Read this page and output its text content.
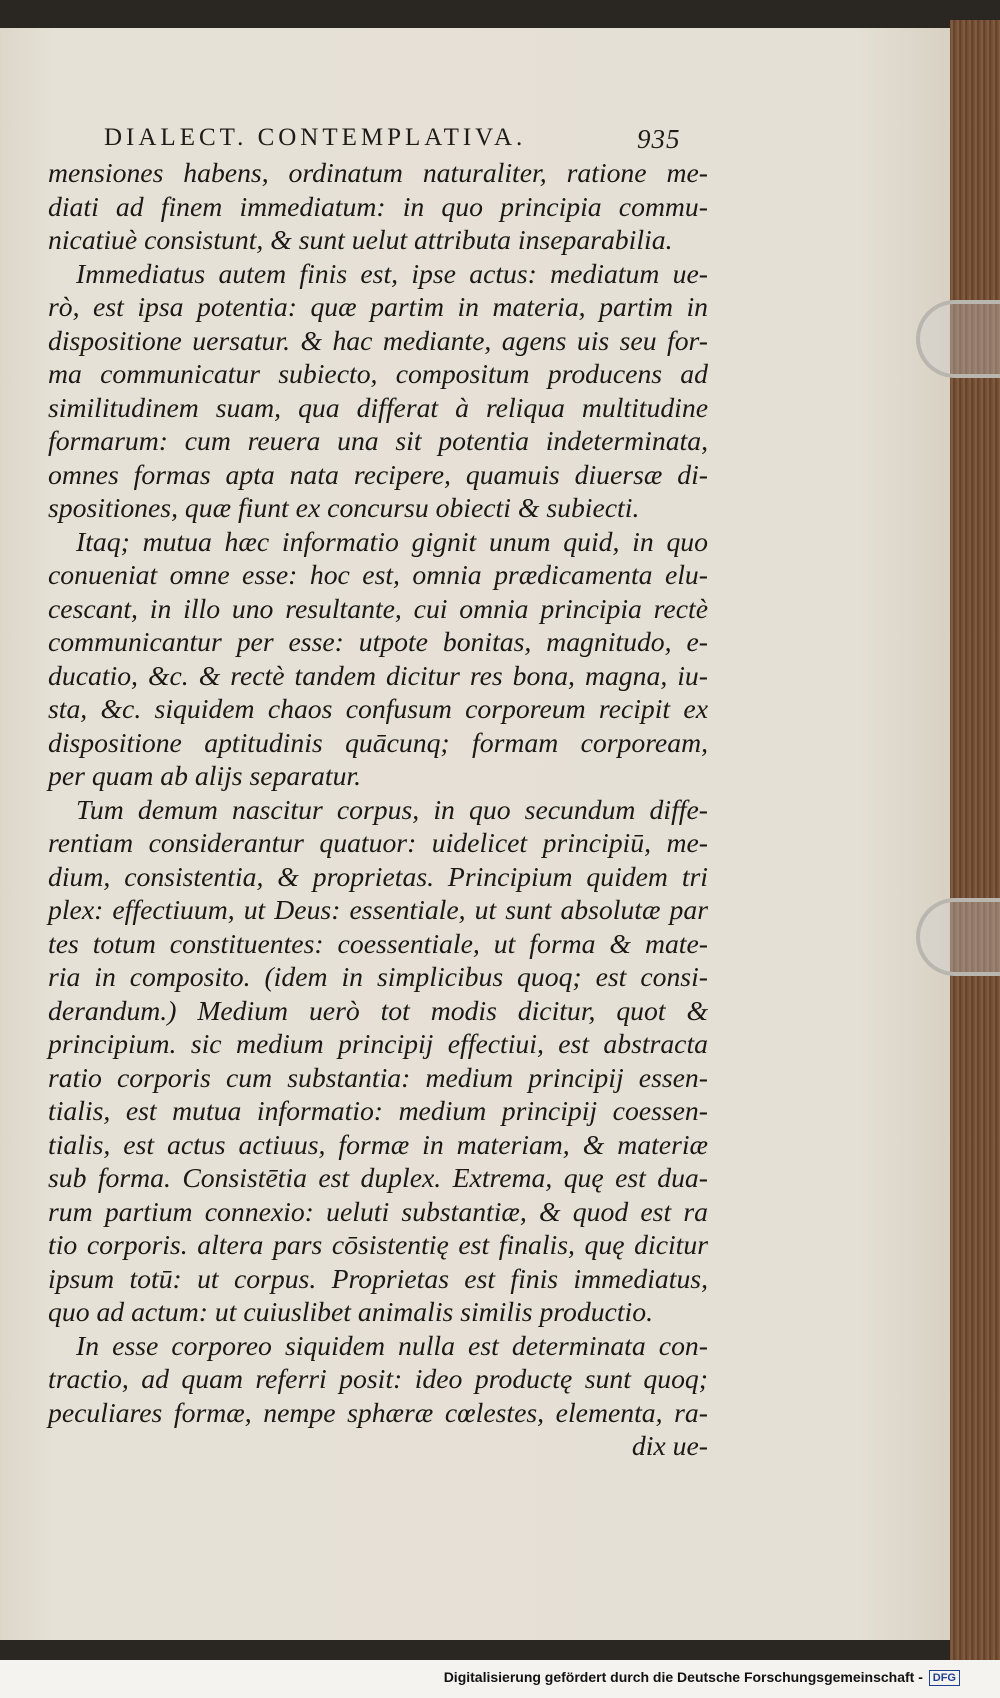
DIALECT. CONTEMPLATIVA.	935
mensiones habens, ordinatum naturaliter, ratione me-
diati ad finem immediatum: in quo principia commu-
nicatiuè consistunt, & sunt uelut attributa inseparabilia.
Immediatus autem finis est, ipse actus: mediatum ue-
rò, est ipsa potentia: quæ partim in materia, partim in
dispositione uersatur. & hac mediante, agens uis seu for-
ma communicatur subiecto, compositum producens ad
similitudinem suam, qua differat à reliqua multitudine
formarum: cum reuera una sit potentia indeterminata,
omnes formas apta nata recipere, quamuis diuersæ di-
spositiones, quæ fiunt ex concursu obiecti & subiecti.
Itaq; mutua hæc informatio gignit unum quid, in quo
conueniat omne esse: hoc est, omnia prædicamenta elu-
cescant, in illo uno resultante, cui omnia principia rectè
communicantur per esse: utpote bonitas, magnitudo, e-
ducatio, &c. & rectè tandem dicitur res bona, magna, iu-
sta, &c. siquidem chaos confusum corporeum recipit ex
dispositione aptitudinis quācunq; formam corpoream,
per quam ab alijs separatur.
Tum demum nascitur corpus, in quo secundum diffe-
rentiam considerantur quatuor: uidelicet principiū, me-
dium, consistentia, & proprietas. Principium quidem tri
plex: effectiuum, ut Deus: essentiale, ut sunt absolutæ par
tes totum constituentes: coessentiale, ut forma & mate-
ria in composito. (idem in simplicibus quoq; est consi-
derandum.) Medium uerò tot modis dicitur, quot &
principium. sic medium principij effectiui, est abstracta
ratio corporis cum substantia: medium principij essen-
tialis, est mutua informatio: medium principij coessen-
tialis, est actus actiuus, formæ in materiam, & materiæ
sub forma. Consistētia est duplex. Extrema, quę est dua-
rum partium connexio: ueluti substantiæ, & quod est ra
tio corporis. altera pars cōsistentię est finalis, quę dicitur
ipsum totū: ut corpus. Proprietas est finis immediatus,
quo ad actum: ut cuiuslibet animalis similis productio.
In esse corporeo siquidem nulla est determinata con-
tractio, ad quam referri posit: ideo productę sunt quoq;
peculiares formæ, nempe sphæræ cœlestes, elementa, ra-
dix ue-
Digitalisierung gefördert durch die Deutsche Forschungsgemeinschaft - DFG
